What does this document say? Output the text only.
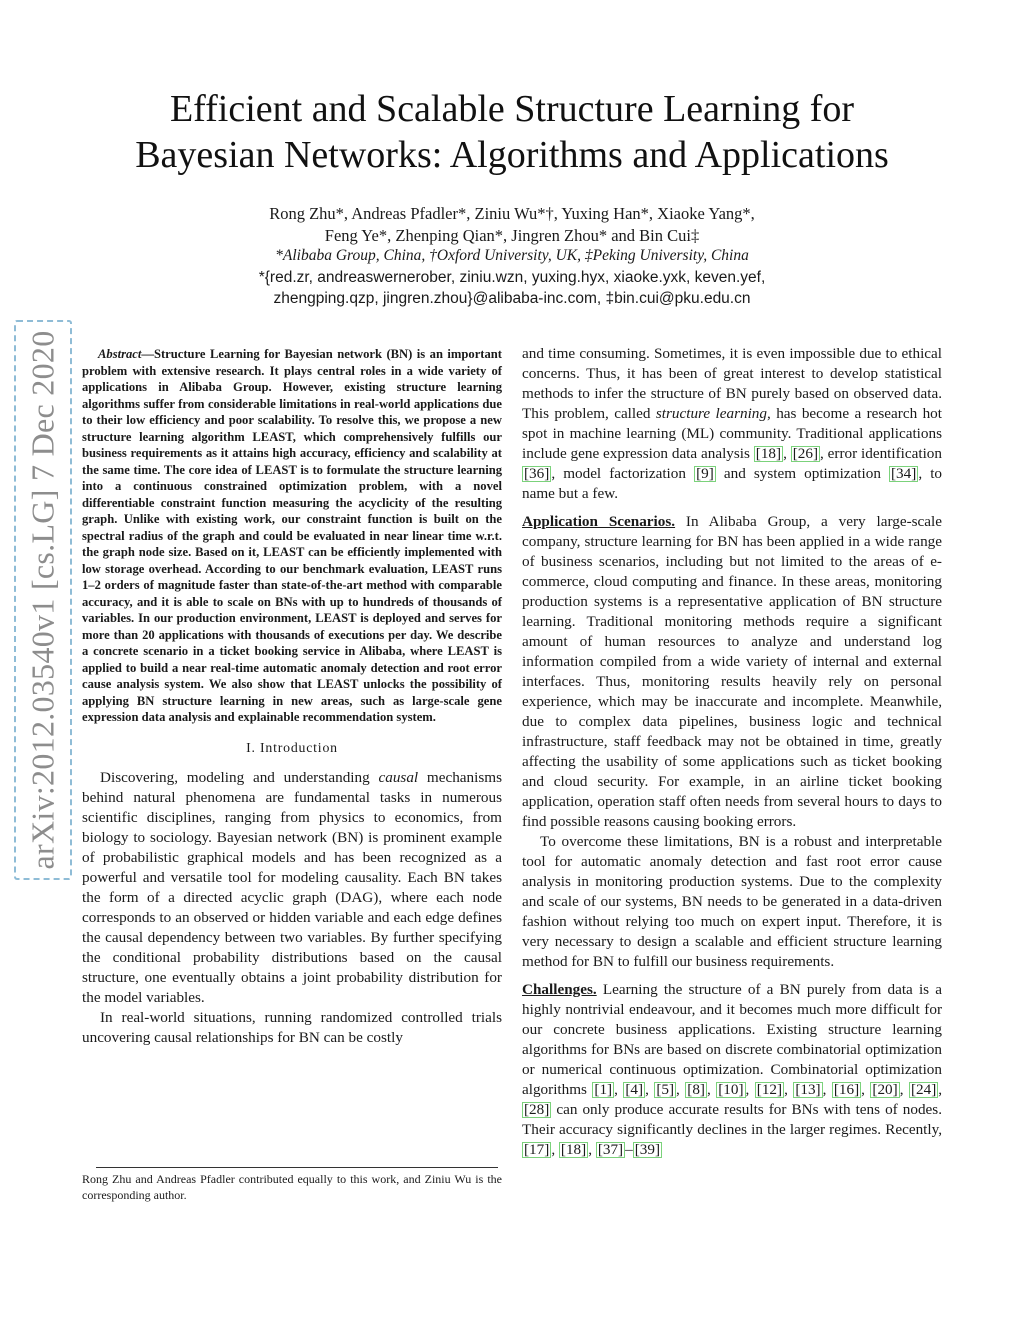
arXiv:2012.03540v1 [cs.LG] 7 Dec 2020
Efficient and Scalable Structure Learning for
Bayesian Networks: Algorithms and Applications
Rong Zhu*, Andreas Pfadler*, Ziniu Wu*†, Yuxing Han*, Xiaoke Yang*,
Feng Ye*, Zhenping Qian*, Jingren Zhou* and Bin Cui‡
*Alibaba Group, China, †Oxford University, UK, ‡Peking University, China
*{red.zr, andreaswernerober, ziniu.wzn, yuxing.hyx, xiaoke.yxk, keven.yef,
zhengping.qzp, jingren.zhou}@alibaba-inc.com, ‡bin.cui@pku.edu.cn

Abstract—Structure Learning for Bayesian network (BN) is an important problem with extensive research. It plays central roles in a wide variety of applications in Alibaba Group. However, existing structure learning algorithms suffer from considerable limitations in real-world applications due to their low efficiency and poor scalability. To resolve this, we propose a new structure learning algorithm LEAST, which comprehensively fulfills our business requirements as it attains high accuracy, efficiency and scalability at the same time. The core idea of LEAST is to formulate the structure learning into a continuous constrained optimization problem, with a novel differentiable constraint function measuring the acyclicity of the resulting graph. Unlike with existing work, our constraint function is built on the spectral radius of the graph and could be evaluated in near linear time w.r.t. the graph node size. Based on it, LEAST can be efficiently implemented with low storage overhead. According to our benchmark evaluation, LEAST runs 1–2 orders of magnitude faster than state-of-the-art method with comparable accuracy, and it is able to scale on BNs with up to hundreds of thousands of variables. In our production environment, LEAST is deployed and serves for more than 20 applications with thousands of executions per day. We describe a concrete scenario in a ticket booking service in Alibaba, where LEAST is applied to build a near real-time automatic anomaly detection and root error cause analysis system. We also show that LEAST unlocks the possibility of applying BN structure learning in new areas, such as large-scale gene expression data analysis and explainable recommendation system.

I. Introduction

Discovering, modeling and understanding causal mechanisms behind natural phenomena are fundamental tasks in numerous scientific disciplines, ranging from physics to economics, from biology to sociology. Bayesian network (BN) is prominent example of probabilistic graphical models and has been recognized as a powerful and versatile tool for modeling causality. Each BN takes the form of a directed acyclic graph (DAG), where each node corresponds to an observed or hidden variable and each edge defines the causal dependency between two variables. By further specifying the conditional probability distributions based on the causal structure, one eventually obtains a joint probability distribution for the model variables.

In real-world situations, running randomized controlled trials uncovering causal relationships for BN can be costly

Rong Zhu and Andreas Pfadler contributed equally to this work, and Ziniu Wu is the corresponding author.

and time consuming. Sometimes, it is even impossible due to ethical concerns. Thus, it has been of great interest to develop statistical methods to infer the structure of BN purely based on observed data. This problem, called structure learning, has become a research hot spot in machine learning (ML) community. Traditional applications include gene expression data analysis [18] , [26] , error identification [36] , model factorization [9] and system optimization [34] , to name but a few.

Application Scenarios. In Alibaba Group, a very large-scale company, structure learning for BN has been applied in a wide range of business scenarios, including but not limited to the areas of e-commerce, cloud computing and finance. In these areas, monitoring production systems is a representative application of BN structure learning. Traditional monitoring methods require a significant amount of human resources to analyze and understand log information compiled from a wide variety of internal and external interfaces. Thus, monitoring results heavily rely on personal experience, which may be inaccurate and incomplete. Meanwhile, due to complex data pipelines, business logic and technical infrastructure, staff feedback may not be obtained in time, greatly affecting the usability of some applications such as ticket booking and cloud security. For example, in an airline ticket booking application, operation staff often needs from several hours to days to find possible reasons causing booking errors.

To overcome these limitations, BN is a robust and interpretable tool for automatic anomaly detection and fast root error cause analysis in monitoring production systems. Due to the complexity and scale of our systems, BN needs to be generated in a data-driven fashion without relying too much on expert input. Therefore, it is very necessary to design a scalable and efficient structure learning method for BN to fulfill our business requirements.

Challenges. Learning the structure of a BN purely from data is a highly nontrivial endeavour, and it becomes much more difficult for our concrete business applications. Existing structure learning algorithms for BNs are based on discrete combinatorial optimization or numerical continuous optimization. Combinatorial optimization algorithms [1] , [4] , [5] , [8] , [10] , [12] , [13] , [16] , [20] , [24] , [28] can only produce accurate results for BNs with tens of nodes. Their accuracy significantly declines in the larger regimes. Recently, [17] , [18] , [37] – [39]
